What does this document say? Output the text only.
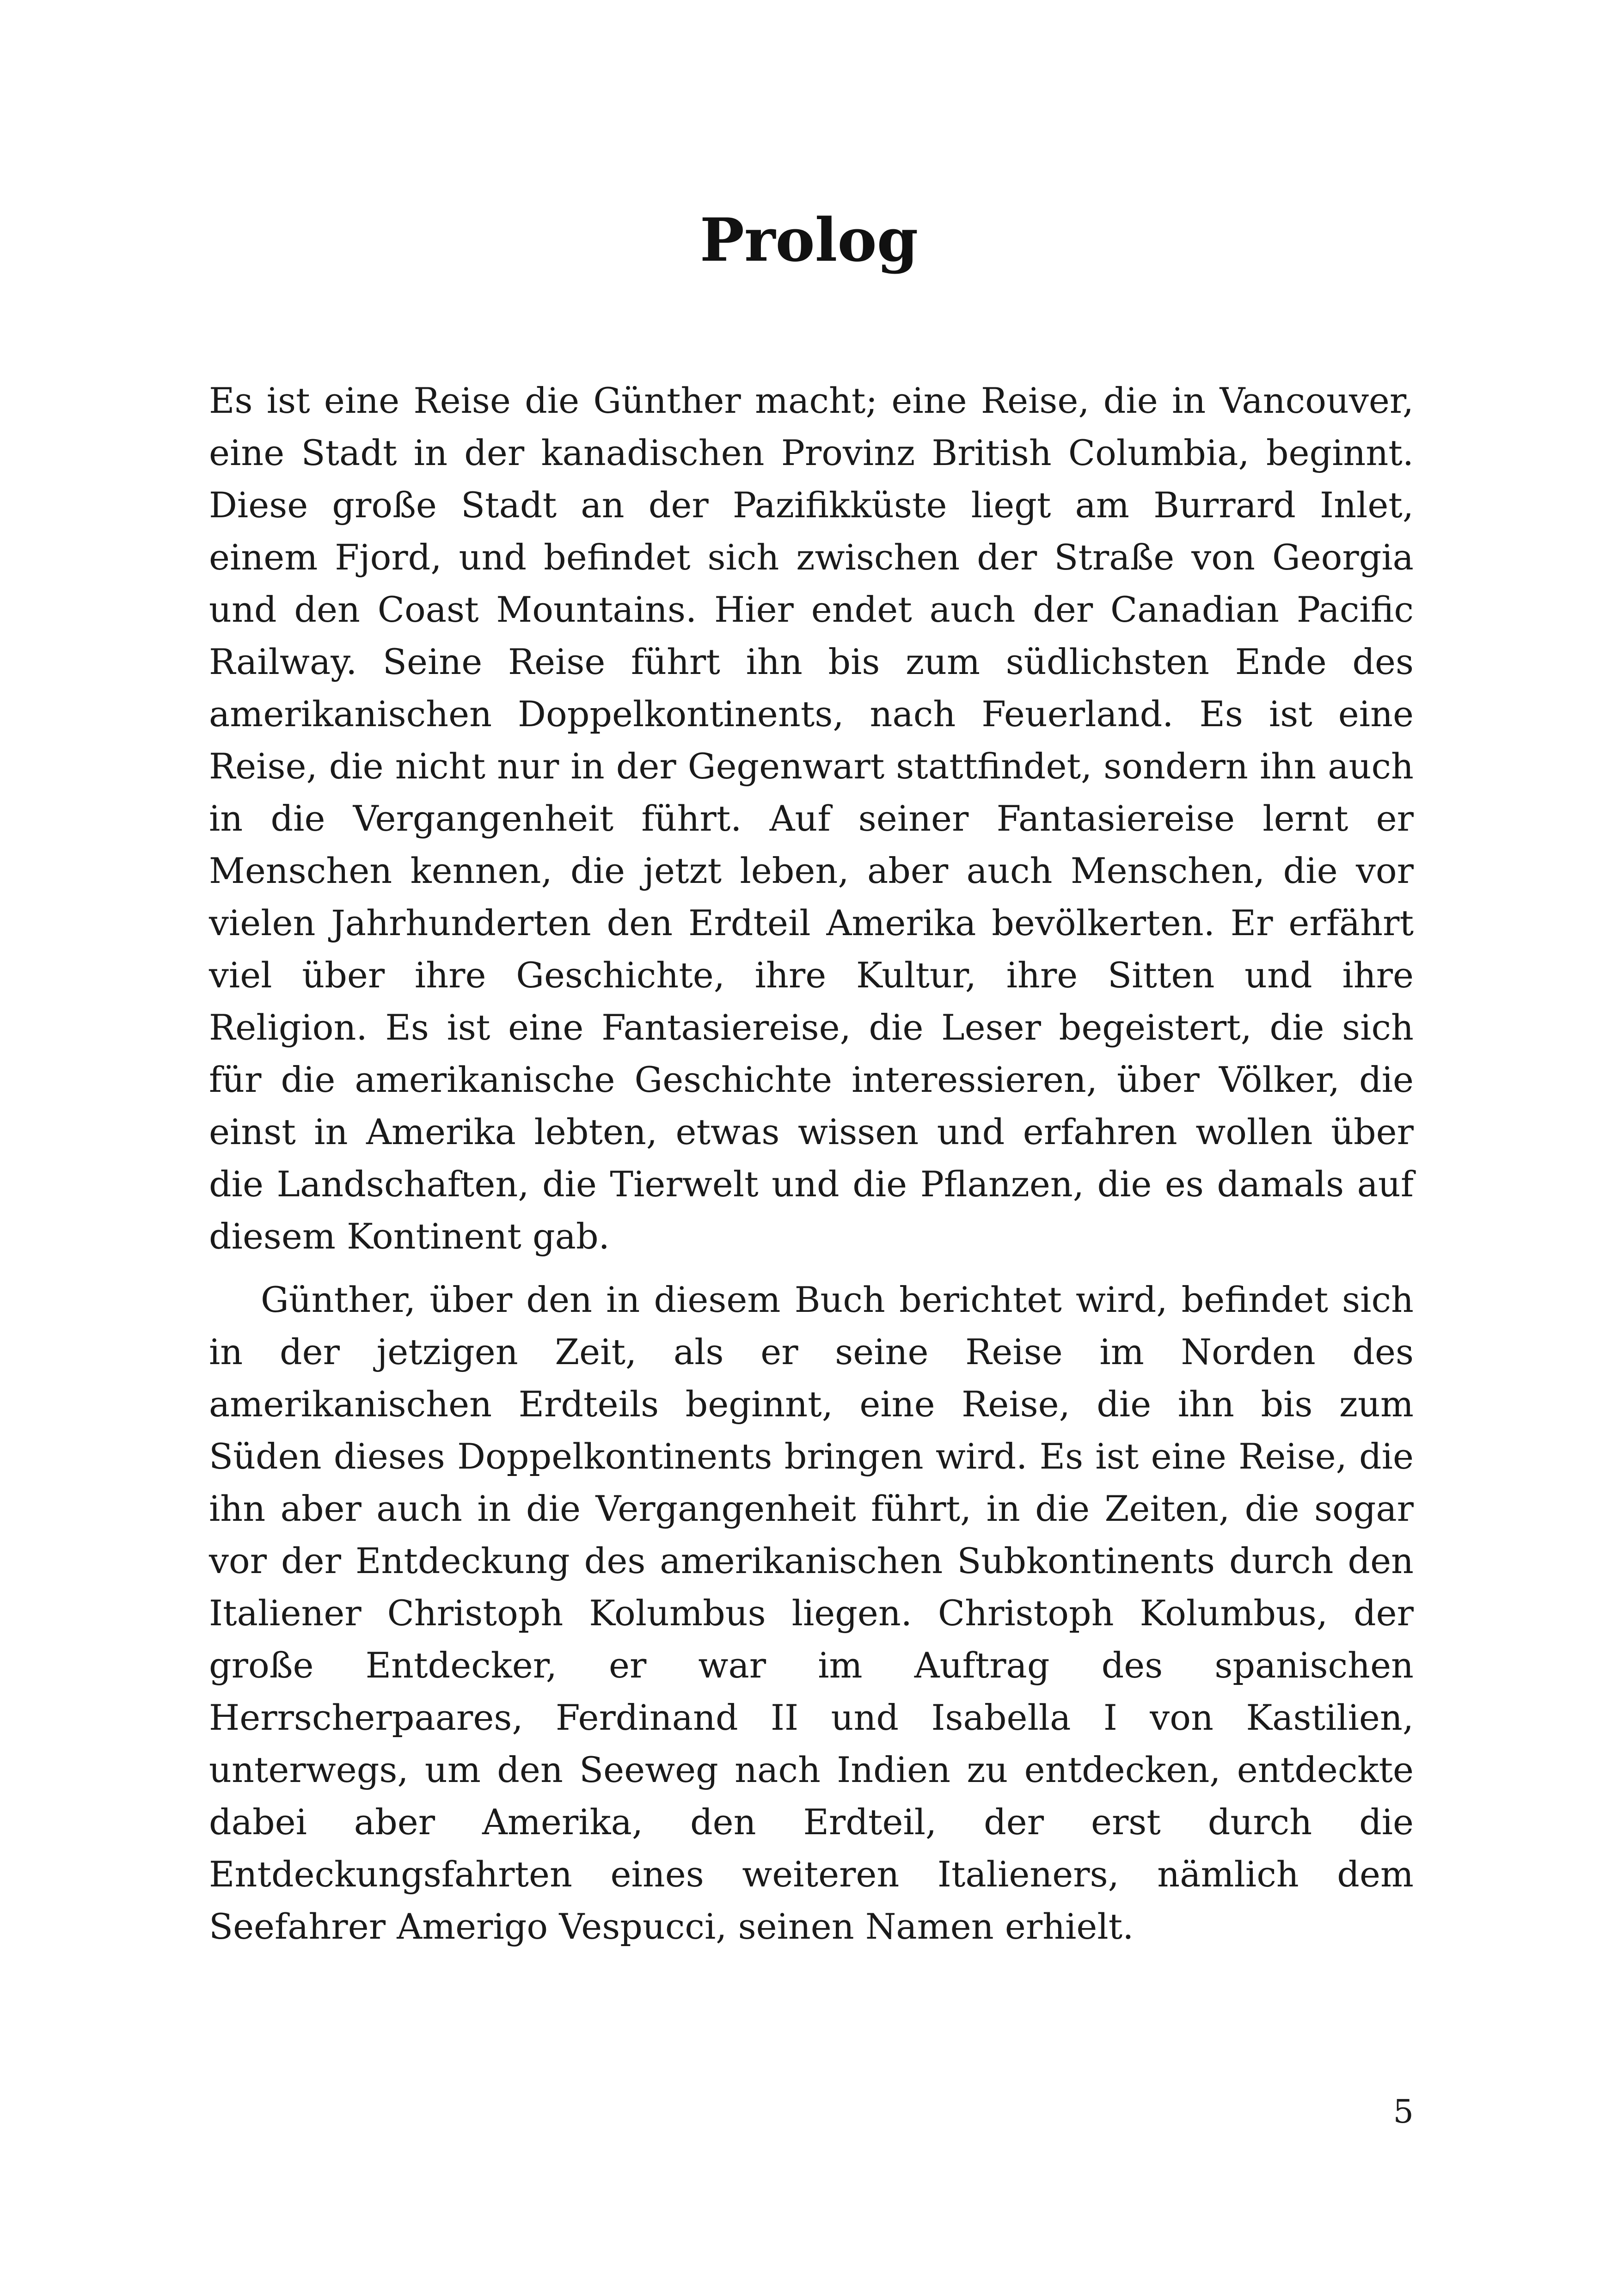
Prolog

Es ist eine Reise die Günther macht; eine Reise, die in Vancouver, eine Stadt in der kanadischen Provinz British Columbia, beginnt. Diese große Stadt an der Pazifikküste liegt am Burrard Inlet, einem Fjord, und befindet sich zwischen der Straße von Georgia und den Coast Mountains. Hier endet auch der Canadian Pacific Railway. Seine Reise führt ihn bis zum südlichsten Ende des amerikanischen Doppelkontinents, nach Feuerland. Es ist eine Reise, die nicht nur in der Gegenwart stattfindet, sondern ihn auch in die Vergangenheit führt. Auf seiner Fantasiereise lernt er Menschen kennen, die jetzt leben, aber auch Menschen, die vor vielen Jahrhunderten den Erdteil Amerika bevölkerten. Er erfährt viel über ihre Geschichte, ihre Kultur, ihre Sitten und ihre Religion. Es ist eine Fantasiereise, die Leser begeistert, die sich für die amerikanische Geschichte interessieren, über Völker, die einst in Amerika lebten, etwas wissen und erfahren wollen über die Landschaften, die Tierwelt und die Pflanzen, die es damals auf diesem Kontinent gab.

Günther, über den in diesem Buch berichtet wird, befindet sich in der jetzigen Zeit, als er seine Reise im Norden des amerikanischen Erdteils beginnt, eine Reise, die ihn bis zum Süden dieses Doppelkontinents bringen wird. Es ist eine Reise, die ihn aber auch in die Vergangenheit führt, in die Zeiten, die sogar vor der Entdeckung des amerikanischen Subkontinents durch den Italiener Christoph Kolumbus liegen. Christoph Kolumbus, der große Entdecker, er war im Auftrag des spanischen Herrscherpaares, Ferdinand II und Isabella I von Kastilien, unterwegs, um den Seeweg nach Indien zu entdecken, entdeckte dabei aber Amerika, den Erdteil, der erst durch die Entdeckungsfahrten eines weiteren Italieners, nämlich dem Seefahrer Amerigo Vespucci, seinen Namen erhielt.

5
